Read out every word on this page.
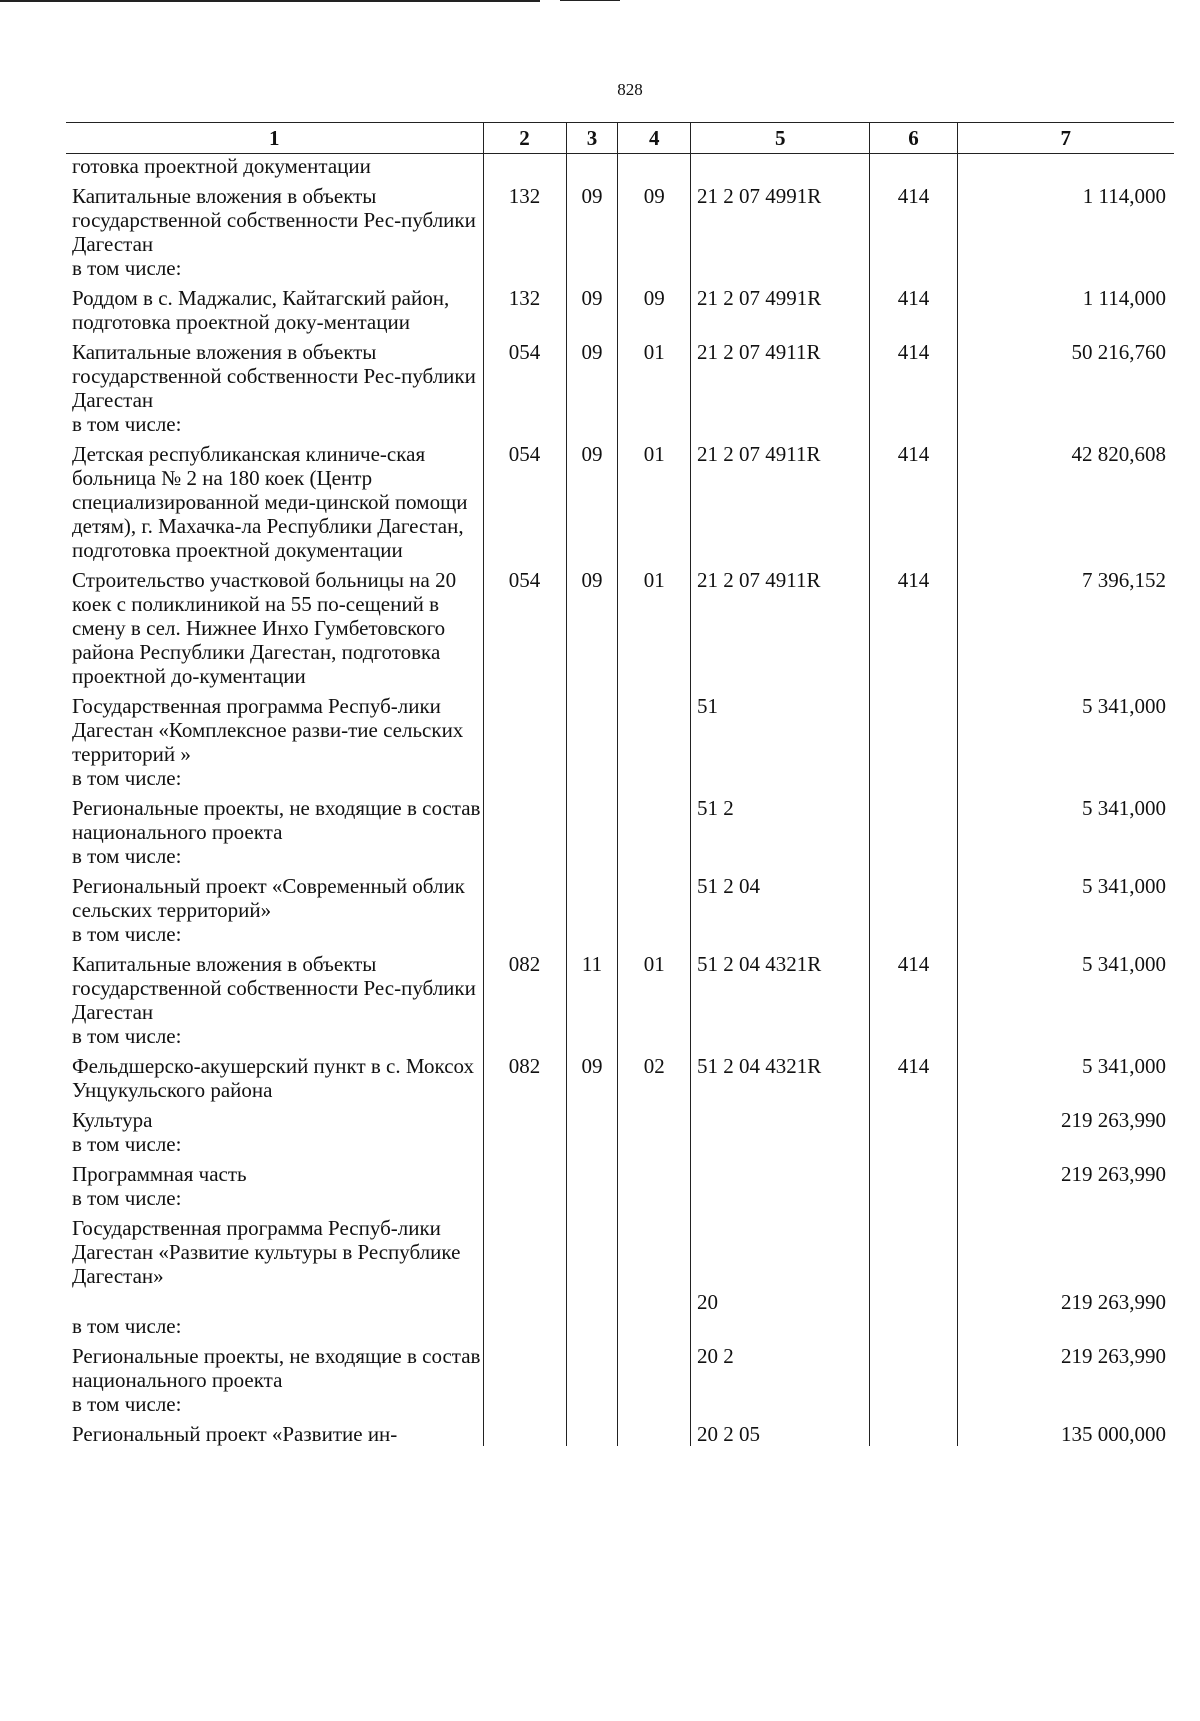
828
1	2	3	4	5	6	7
готовка проектной документации						
Капитальные вложения в объекты государственной собственности Рес-публики Дагестан	132	09	09	21 2 07 4991R	414	1 114,000
в том числе:						
Роддом в с. Маджалис, Кайтагский район, подготовка проектной доку-ментации	132	09	09	21 2 07 4991R	414	1 114,000
Капитальные вложения в объекты государственной собственности Рес-публики Дагестан	054	09	01	21 2 07 4911R	414	50 216,760
в том числе:						
Детская республиканская клиниче-ская больница № 2 на 180 коек (Центр специализированной меди-цинской помощи детям), г. Махачка-ла Республики Дагестан, подготовка проектной документации	054	09	01	21 2 07 4911R	414	42 820,608
Строительство участковой больницы на 20 коек с поликлиникой на 55 по-сещений в смену в сел. Нижнее Инхо Гумбетовского района Республики Дагестан, подготовка проектной до-кументации	054	09	01	21 2 07 4911R	414	7 396,152
Государственная программа Респуб-лики Дагестан «Комплексное разви-тие сельских территорий »				51		5 341,000
в том числе:						
Региональные проекты, не входящие в состав национального проекта				51 2		5 341,000
в том числе:						
Региональный проект «Современный облик сельских территорий»				51 2 04		5 341,000
в том числе:						
Капитальные вложения в объекты государственной собственности Рес-публики Дагестан	082	11	01	51 2 04 4321R	414	5 341,000
в том числе:						
Фельдшерско-акушерский пункт в с. Моксох Унцукульского района	082	09	02	51 2 04 4321R	414	5 341,000
Культура						219 263,990
в том числе:						
Программная часть						219 263,990
в том числе:						
Государственная программа Респуб-лики Дагестан «Развитие культуры в Республике Дагестан»				20		219 263,990
в том числе:						
Региональные проекты, не входящие в состав национального проекта				20 2		219 263,990
в том числе:						
Региональный проект «Развитие ин-				20 2 05		135 000,000
